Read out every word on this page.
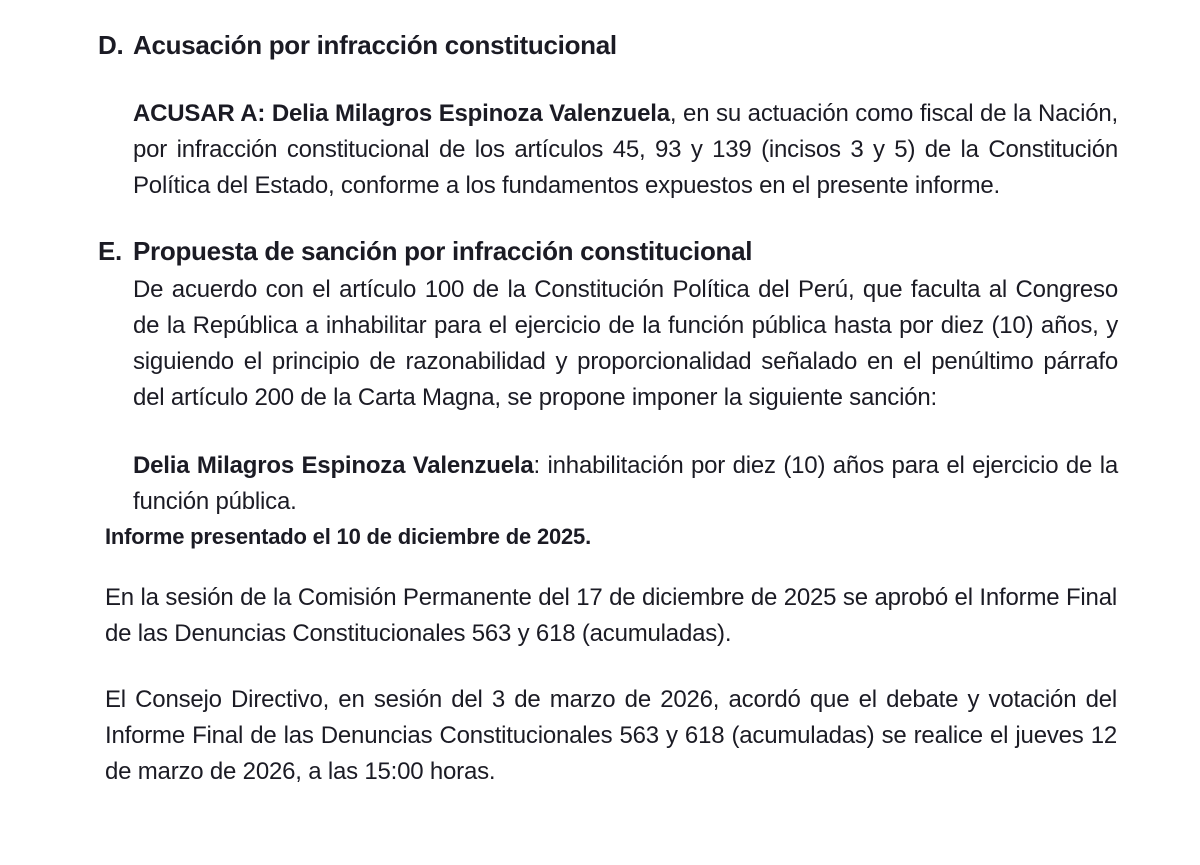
D. Acusación por infracción constitucional

ACUSAR A: Delia Milagros Espinoza Valenzuela, en su actuación como fiscal de la Nación, por infracción constitucional de los artículos 45, 93 y 139 (incisos 3 y 5) de la Constitución Política del Estado, conforme a los fundamentos expuestos en el presente informe.

E. Propuesta de sanción por infracción constitucional

De acuerdo con el artículo 100 de la Constitución Política del Perú, que faculta al Congreso de la República a inhabilitar para el ejercicio de la función pública hasta por diez (10) años, y siguiendo el principio de razonabilidad y proporcionalidad señalado en el penúltimo párrafo del artículo 200 de la Carta Magna, se propone imponer la siguiente sanción:

Delia Milagros Espinoza Valenzuela: inhabilitación por diez (10) años para el ejercicio de la función pública.

Informe presentado el 10 de diciembre de 2025.

En la sesión de la Comisión Permanente del 17 de diciembre de 2025 se aprobó el Informe Final de las Denuncias Constitucionales 563 y 618 (acumuladas).

El Consejo Directivo, en sesión del 3 de marzo de 2026, acordó que el debate y votación del Informe Final de las Denuncias Constitucionales 563 y 618 (acumuladas) se realice el jueves 12 de marzo de 2026, a las 15:00 horas.
